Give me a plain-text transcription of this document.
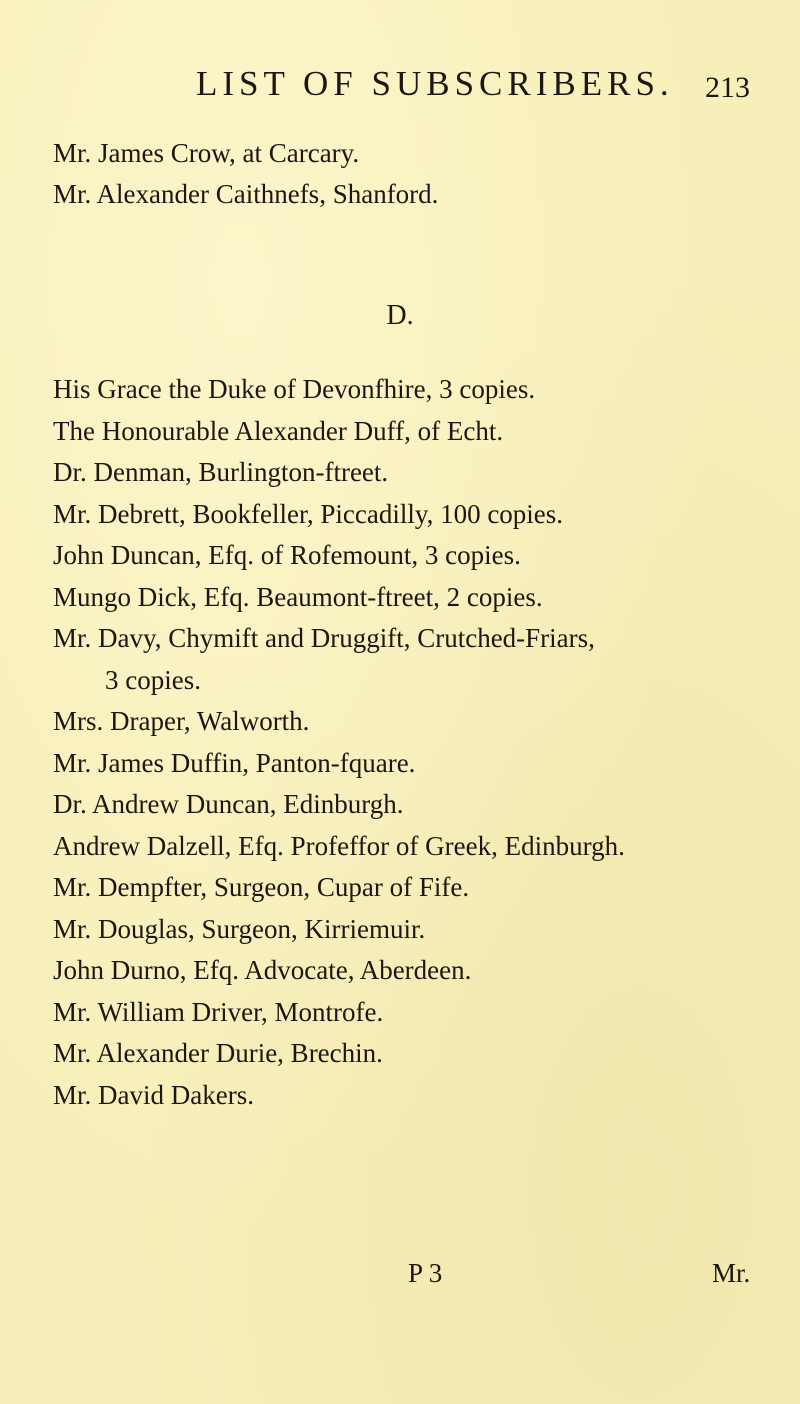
LIST OF SUBSCRIBERS. 213
Mr. James Crow, at Carcary.
Mr. Alexander Caithnefs, Shanford.
D.
His Grace the Duke of Devonfhire, 3 copies.
The Honourable Alexander Duff, of Echt.
Dr. Denman, Burlington-ftreet.
Mr. Debrett, Bookfeller, Piccadilly, 100 copies.
John Duncan, Efq. of Rofemount, 3 copies.
Mungo Dick, Efq. Beaumont-ftreet, 2 copies.
Mr. Davy, Chymift and Druggift, Crutched-Friars,
3 copies.
Mrs. Draper, Walworth.
Mr. James Duffin, Panton-fquare.
Dr. Andrew Duncan, Edinburgh.
Andrew Dalzell, Efq. Profeffor of Greek, Edinburgh.
Mr. Dempfter, Surgeon, Cupar of Fife.
Mr. Douglas, Surgeon, Kirriemuir.
John Durno, Efq. Advocate, Aberdeen.
Mr. William Driver, Montrofe.
Mr. Alexander Durie, Brechin.
Mr. David Dakers.
P 3	Mr.
